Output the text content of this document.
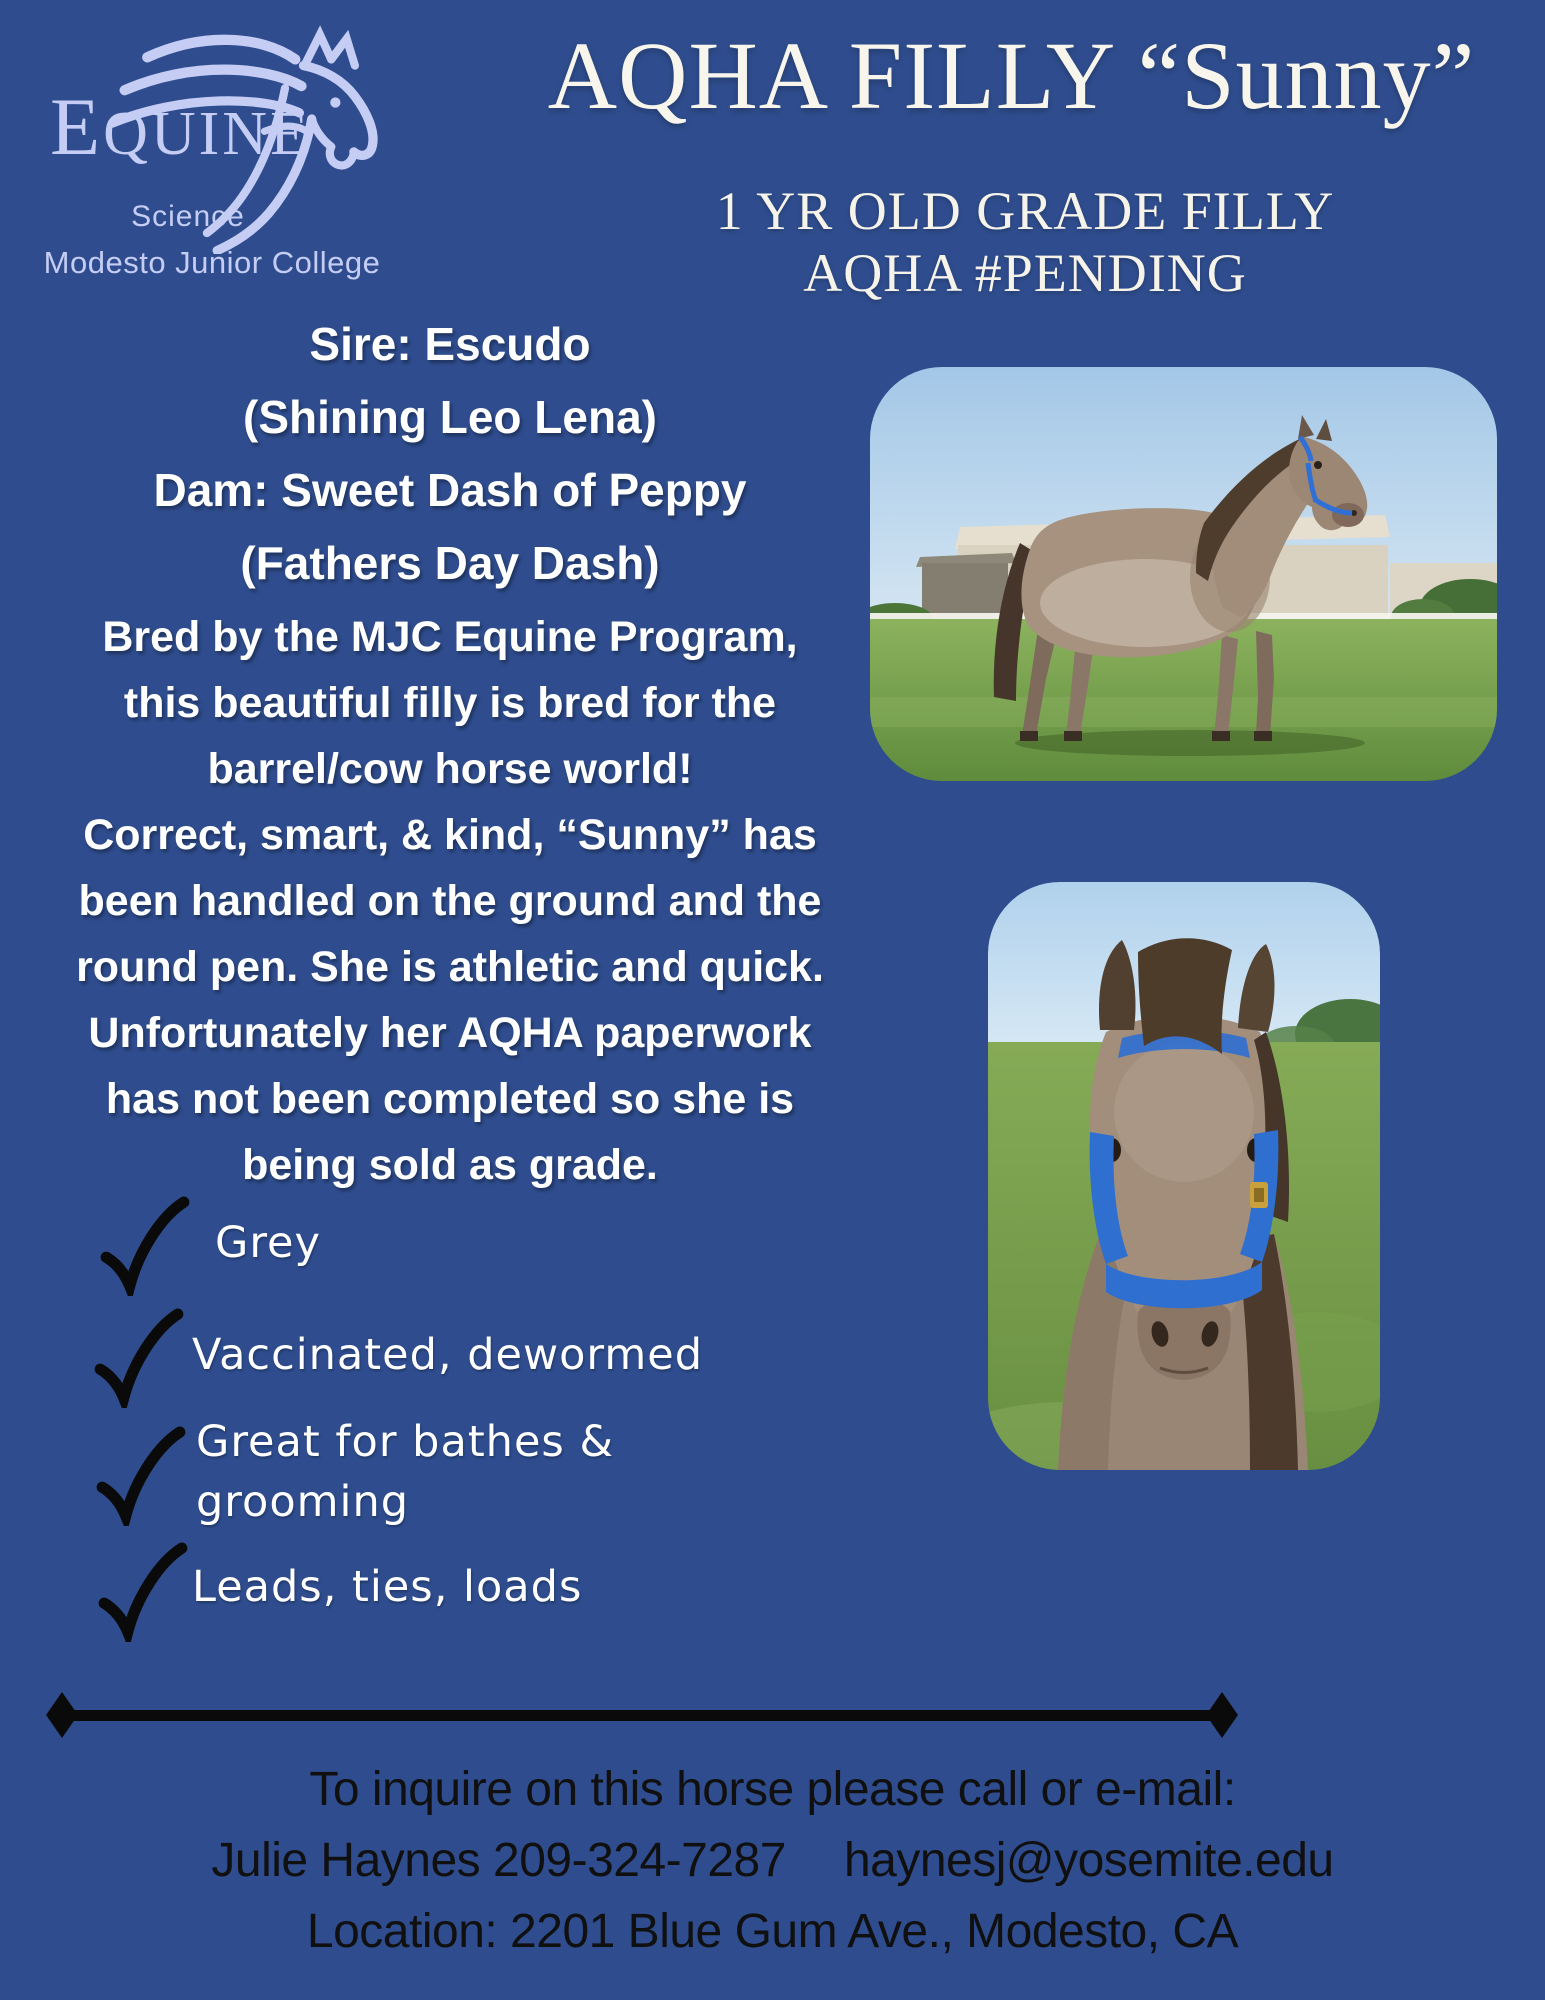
EQUINE
Science
Modesto Junior College
AQHA FILLY “Sunny”
1 YR OLD GRADE FILLY
AQHA #PENDING
Sire: Escudo
(Shining Leo Lena)
Dam: Sweet Dash of Peppy
(Fathers Day Dash)
Bred by the MJC Equine Program,
this beautiful filly is bred for the
barrel/cow horse world!
Correct, smart, & kind, “Sunny” has
been handled on the ground and the
round pen. She is athletic and quick.
Unfortunately her AQHA paperwork
has not been completed so she is
being sold as grade.
Grey
Vaccinated, dewormed
Great for bathes & grooming
Leads, ties, loads
To inquire on this horse please call or e-mail:
Julie Haynes 209-324-7287 haynesj@yosemite.edu
Location: 2201 Blue Gum Ave., Modesto, CA
